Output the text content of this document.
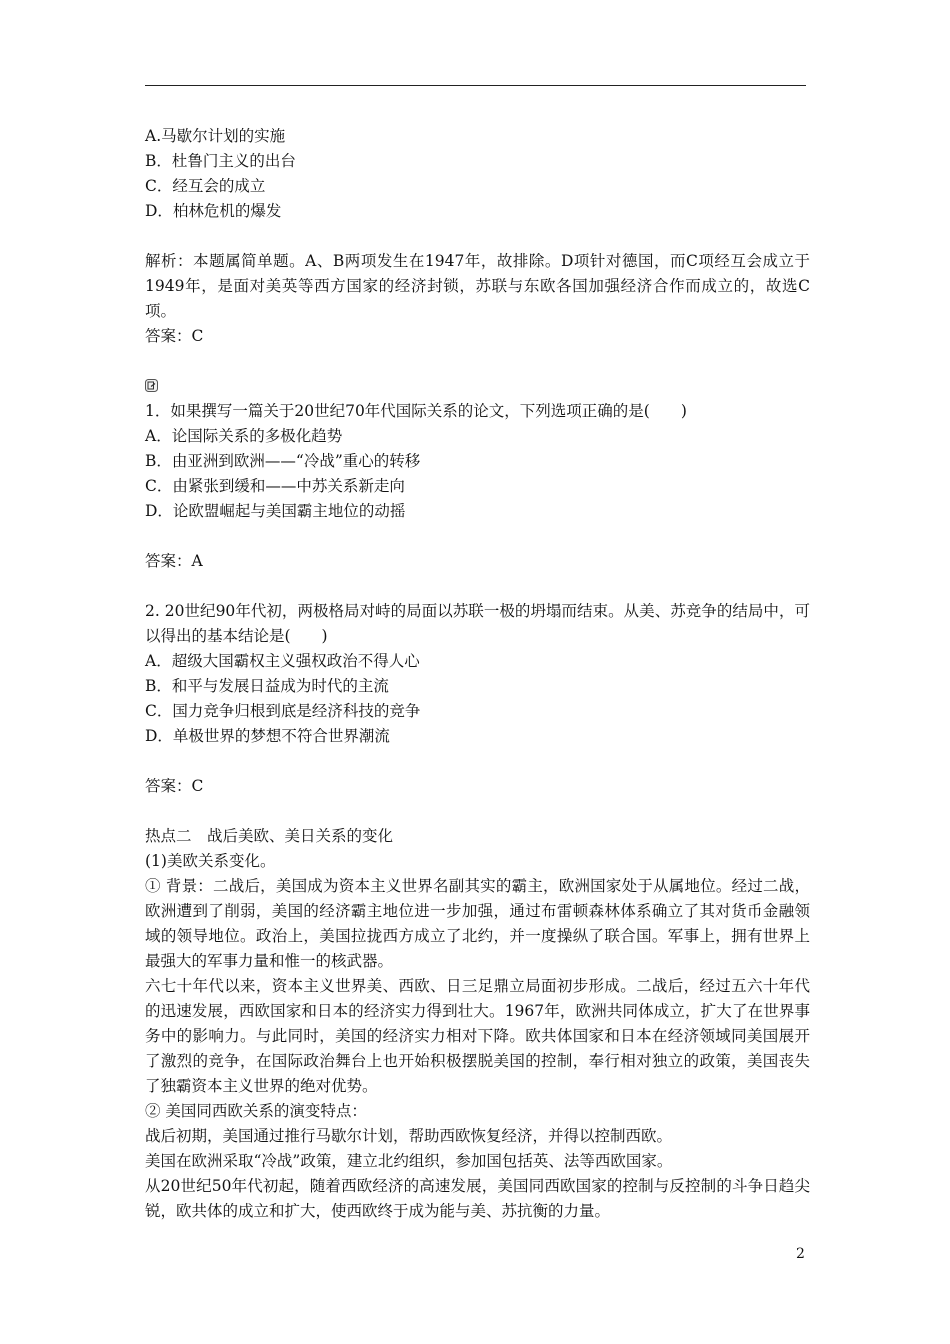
A.马歇尔计划的实施
B．杜鲁门主义的出台
C．经互会的成立
D．柏林危机的爆发
解析：本题属简单题。A、B两项发生在1947年，故排除。D项针对德国，而C项经互会成立于1949年，是面对美英等西方国家的经济封锁，苏联与东欧各国加强经济合作而成立的，故选C项。
答案：C
1．如果撰写一篇关于20世纪70年代国际关系的论文，下列选项正确的是(　　)
A．论国际关系的多极化趋势
B．由亚洲到欧洲——“冷战”重心的转移
C．由紧张到缓和——中苏关系新走向
D．论欧盟崛起与美国霸主地位的动摇
答案：A
2. 20世纪90年代初，两极格局对峙的局面以苏联一极的坍塌而结束。从美、苏竞争的结局中，可以得出的基本结论是(　　)
A．超级大国霸权主义强权政治不得人心
B．和平与发展日益成为时代的主流
C．国力竞争归根到底是经济科技的竞争
D．单极世界的梦想不符合世界潮流
答案：C
热点二　战后美欧、美日关系的变化
(1)美欧关系变化。
① 背景：二战后，美国成为资本主义世界名副其实的霸主，欧洲国家处于从属地位。经过二战，欧洲遭到了削弱，美国的经济霸主地位进一步加强，通过布雷顿森林体系确立了其对货币金融领域的领导地位。政治上，美国拉拢西方成立了北约，并一度操纵了联合国。军事上，拥有世界上最强大的军事力量和惟一的核武器。
六七十年代以来，资本主义世界美、西欧、日三足鼎立局面初步形成。二战后，经过五六十年代的迅速发展，西欧国家和日本的经济实力得到壮大。1967年，欧洲共同体成立，扩大了在世界事务中的影响力。与此同时，美国的经济实力相对下降。欧共体国家和日本在经济领域同美国展开了激烈的竞争，在国际政治舞台上也开始积极摆脱美国的控制，奉行相对独立的政策，美国丧失了独霸资本主义世界的绝对优势。
② 美国同西欧关系的演变特点：
战后初期，美国通过推行马歇尔计划，帮助西欧恢复经济，并得以控制西欧。
美国在欧洲采取“冷战”政策，建立北约组织，参加国包括英、法等西欧国家。
从20世纪50年代初起，随着西欧经济的高速发展，美国同西欧国家的控制与反控制的斗争日趋尖锐，欧共体的成立和扩大，使西欧终于成为能与美、苏抗衡的力量。
2
